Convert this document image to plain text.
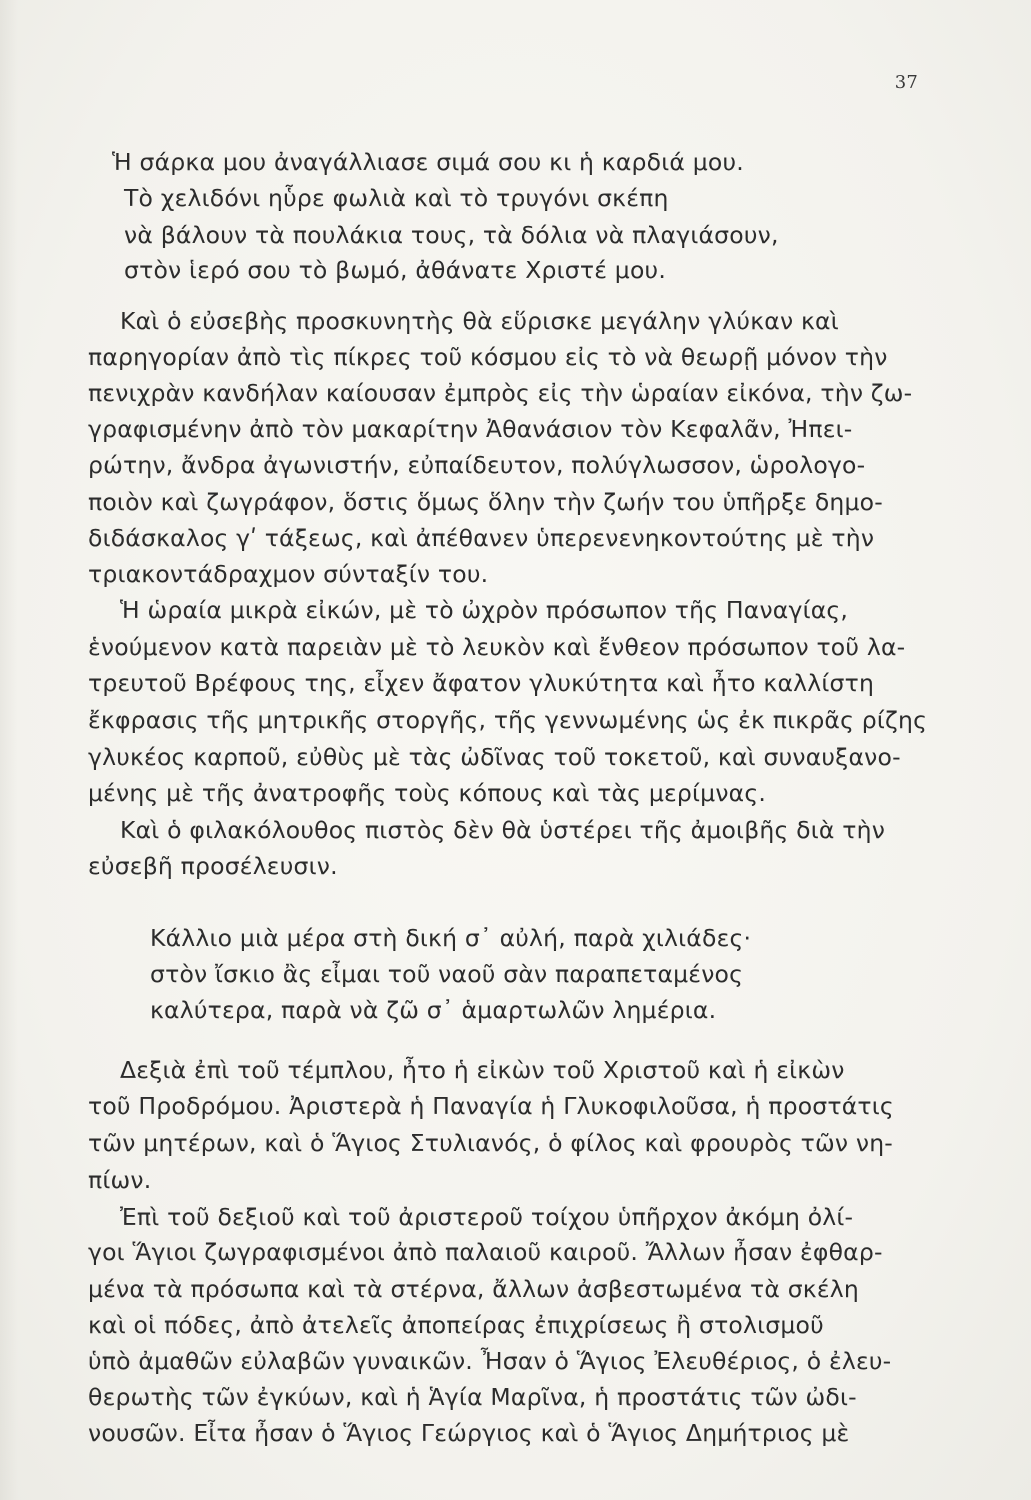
37
Ἡ σάρκα μου ἀναγάλλιασε σιμά σου κι ἡ καρδιά μου.
Τὸ χελιδόνι ηὗρε φωλιὰ καὶ τὸ τρυγόνι σκέπη
νὰ βάλουν τὰ πουλάκια τους, τὰ δόλια νὰ πλαγιάσουν,
στὸν ἱερό σου τὸ βωμό, ἀθάνατε Χριστέ μου.
Καὶ ὁ εὐσεβὴς προσκυνητὴς θὰ εὕρισκε μεγάλην γλύκαν καὶ
παρηγορίαν ἀπὸ τὶς πίκρες τοῦ κόσμου εἰς τὸ νὰ θεωρῇ μόνον τὴν
πενιχρὰν κανδήλαν καίουσαν ἐμπρὸς εἰς τὴν ὡραίαν εἰκόνα, τὴν ζω-
γραφισμένην ἀπὸ τὸν μακαρίτην Ἀθανάσιον τὸν Κεφαλᾶν, Ἠπει-
ρώτην, ἄνδρα ἀγωνιστήν, εὐπαίδευτον, πολύγλωσσον, ὡρολογο-
ποιὸν καὶ ζωγράφον, ὅστις ὅμως ὅλην τὴν ζωήν του ὑπῆρξε δημο-
διδάσκαλος γʹ τάξεως, καὶ ἀπέθανεν ὑπερενενηκοντούτης μὲ τὴν
τριακοντάδραχμον σύνταξίν του.
Ἡ ὡραία μικρὰ εἰκών, μὲ τὸ ὠχρὸν πρόσωπον τῆς Παναγίας,
ἑνούμενον κατὰ παρειὰν μὲ τὸ λευκὸν καὶ ἔνθεον πρόσωπον τοῦ λα-
τρευτοῦ Βρέφους της, εἶχεν ἄφατον γλυκύτητα καὶ ἦτο καλλίστη
ἔκφρασις τῆς μητρικῆς στοργῆς, τῆς γεννωμένης ὡς ἐκ πικρᾶς ρίζης
γλυκέος καρποῦ, εὐθὺς μὲ τὰς ὠδῖνας τοῦ τοκετοῦ, καὶ συναυξανο-
μένης μὲ τῆς ἀνατροφῆς τοὺς κόπους καὶ τὰς μερίμνας.
Καὶ ὁ φιλακόλουθος πιστὸς δὲν θὰ ὑστέρει τῆς ἀμοιβῆς διὰ τὴν
εὐσεβῆ προσέλευσιν.
Κάλλιο μιὰ μέρα στὴ δική σ᾿ αὐλή, παρὰ χιλιάδες·
στὸν ἴσκιο ἂς εἶμαι τοῦ ναοῦ σὰν παραπεταμένος
καλύτερα, παρὰ νὰ ζῶ σ᾿ ἁμαρτωλῶν λημέρια.
Δεξιὰ ἐπὶ τοῦ τέμπλου, ἦτο ἡ εἰκὼν τοῦ Χριστοῦ καὶ ἡ εἰκὼν
τοῦ Προδρόμου. Ἀριστερὰ ἡ Παναγία ἡ Γλυκοφιλοῦσα, ἡ προστάτις
τῶν μητέρων, καὶ ὁ Ἅγιος Στυλιανός, ὁ φίλος καὶ φρουρὸς τῶν νη-
πίων.
Ἐπὶ τοῦ δεξιοῦ καὶ τοῦ ἀριστεροῦ τοίχου ὑπῆρχον ἀκόμη ὀλί-
γοι Ἅγιοι ζωγραφισμένοι ἀπὸ παλαιοῦ καιροῦ. Ἄλλων ἦσαν ἐφθαρ-
μένα τὰ πρόσωπα καὶ τὰ στέρνα, ἄλλων ἀσβεστωμένα τὰ σκέλη
καὶ οἱ πόδες, ἀπὸ ἀτελεῖς ἀποπείρας ἐπιχρίσεως ἢ στολισμοῦ
ὑπὸ ἀμαθῶν εὐλαβῶν γυναικῶν. Ἦσαν ὁ Ἅγιος Ἐλευθέριος, ὁ ἐλευ-
θερωτὴς τῶν ἐγκύων, καὶ ἡ Ἁγία Μαρῖνα, ἡ προστάτις τῶν ὠδι-
νουσῶν. Εἶτα ἦσαν ὁ Ἅγιος Γεώργιος καὶ ὁ Ἅγιος Δημήτριος μὲ
